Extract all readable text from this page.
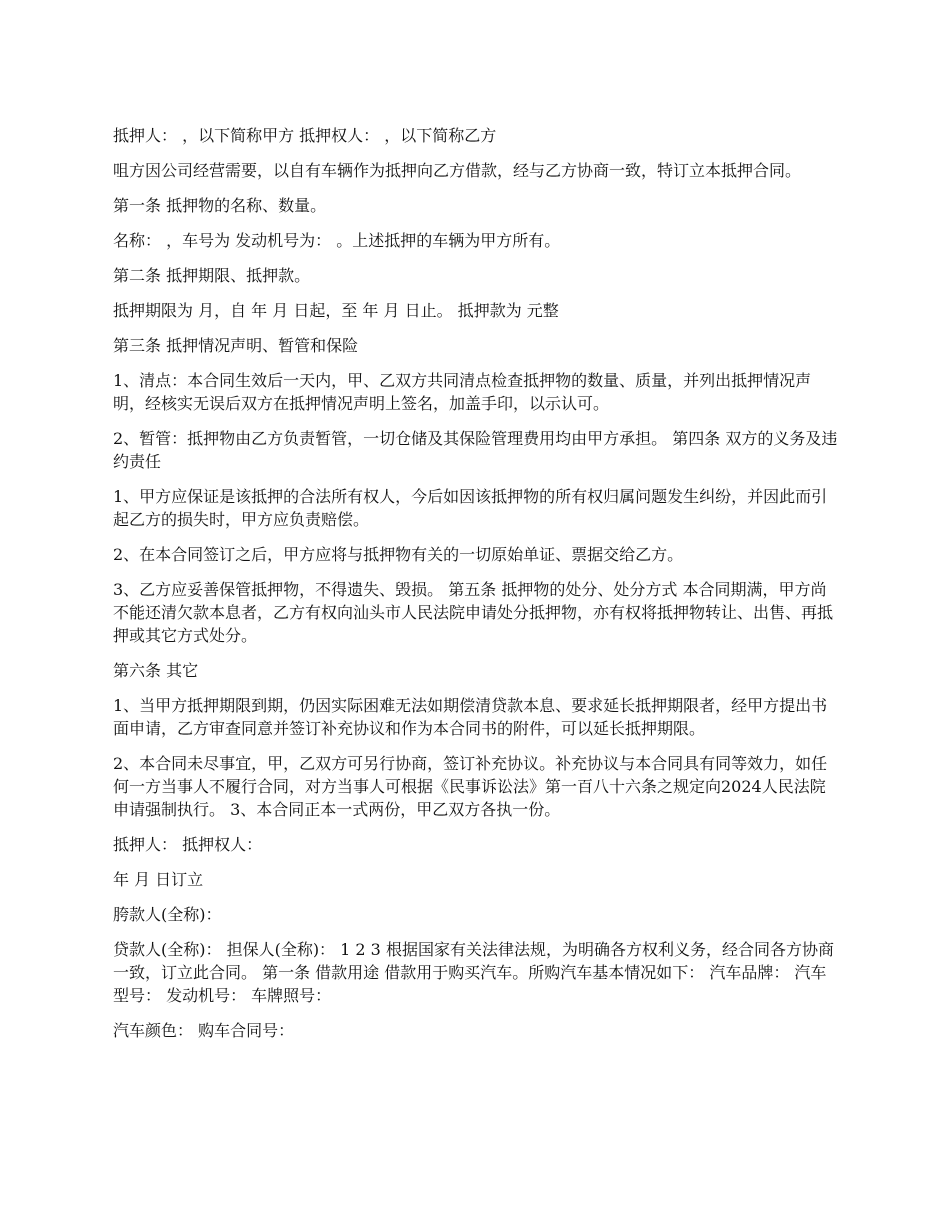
抵押人： ，以下简称甲方 抵押权人： ，以下简称乙方

咀方因公司经营需要，以自有车辆作为抵押向乙方借款，经与乙方协商一致，特订立本抵押合同。

第一条 抵押物的名称、数量。

名称： ，车号为 发动机号为： 。上述抵押的车辆为甲方所有。

第二条 抵押期限、抵押款。

抵押期限为 月，自 年 月 日起，至 年 月 日止。 抵押款为 元整

第三条 抵押情况声明、暂管和保险

1、清点：本合同生效后一天内，甲、乙双方共同清点检查抵押物的数量、质量，并列出抵押情况声明，经核实无误后双方在抵押情况声明上签名，加盖手印，以示认可。

2、暂管：抵押物由乙方负责暂管，一切仓储及其保险管理费用均由甲方承担。 第四条 双方的义务及违约责任

1、甲方应保证是该抵押的合法所有权人，今后如因该抵押物的所有权归属问题发生纠纷，并因此而引起乙方的损失时，甲方应负责赔偿。

2、在本合同签订之后，甲方应将与抵押物有关的一切原始单证、票据交给乙方。

3、乙方应妥善保管抵押物，不得遗失、毁损。 第五条 抵押物的处分、处分方式 本合同期满，甲方尚不能还清欠款本息者，乙方有权向汕头市人民法院申请处分抵押物，亦有权将抵押物转让、出售、再抵押或其它方式处分。

第六条 其它

1、当甲方抵押期限到期，仍因实际困难无法如期偿清贷款本息、要求延长抵押期限者，经甲方提出书面申请，乙方审查同意并签订补充协议和作为本合同书的附件，可以延长抵押期限。

2、本合同未尽事宜，甲，乙双方可另行协商，签订补充协议。补充协议与本合同具有同等效力，如任何一方当事人不履行合同，对方当事人可根据《民事诉讼法》第一百八十六条之规定向2024人民法院申请强制执行。 3、本合同正本一式两份，甲乙双方各执一份。

抵押人： 抵押权人：

年 月 日订立

胯款人(全称)：

贷款人(全称)： 担保人(全称)： 1 2 3 根据国家有关法律法规，为明确各方权利义务，经合同各方协商一致，订立此合同。 第一条 借款用途 借款用于购买汽车。所购汽车基本情况如下： 汽车品牌： 汽车型号： 发动机号： 车牌照号：

汽车颜色： 购车合同号：
